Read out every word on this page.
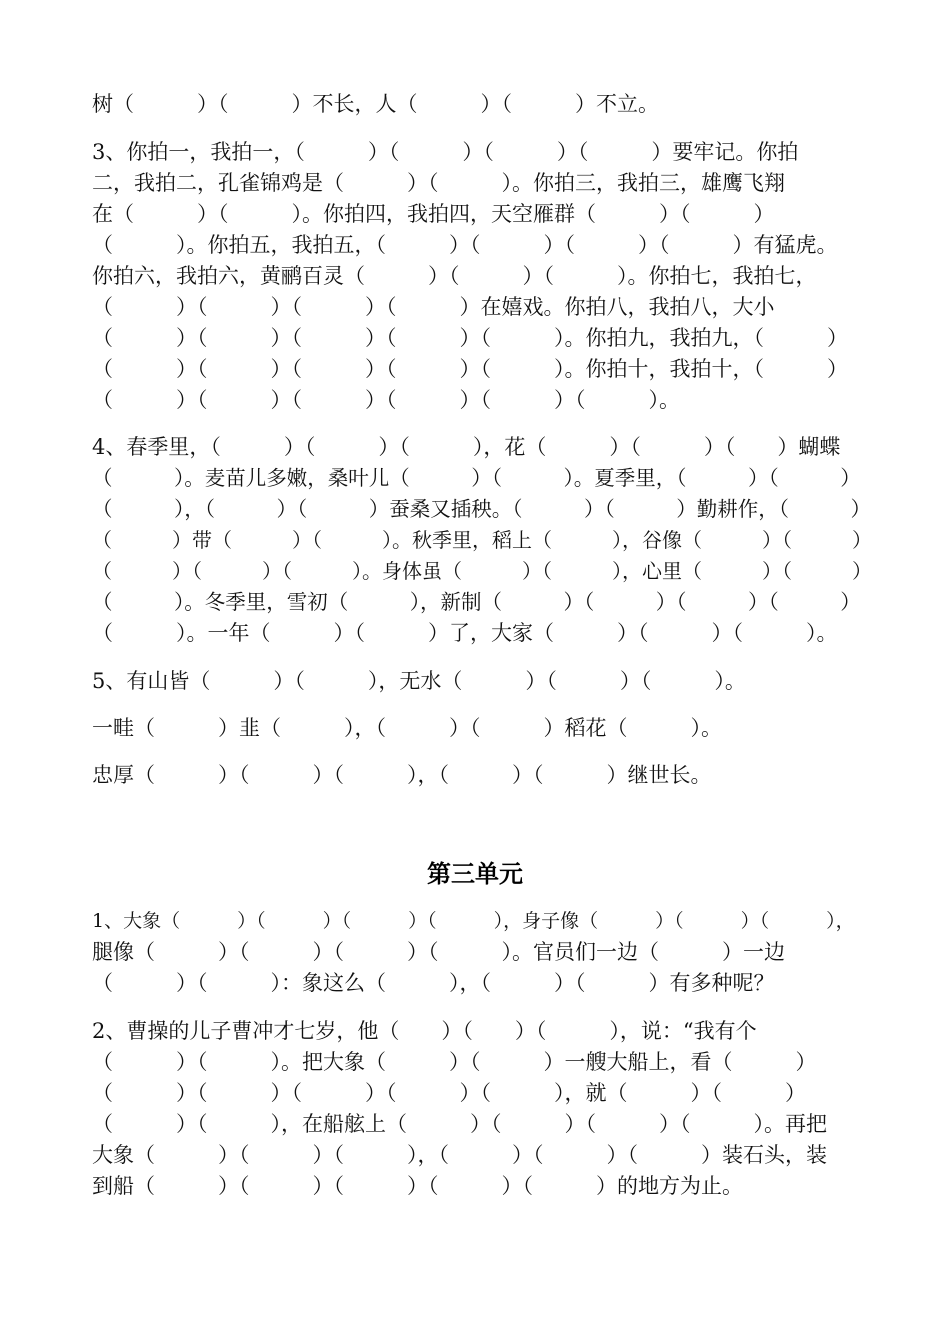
树（　　　）（　　　）不长，人（　　　）（　　　）不立。
3、你拍一，我拍一，（　　　）（　　　）（　　　）（　　　）要牢记。你拍
二，我拍二，孔雀锦鸡是（　　　）（　　　）。你拍三，我拍三，雄鹰飞翔
在（　　　）（　　　）。你拍四，我拍四，天空雁群（　　　）（　　　）
（　　　）。你拍五，我拍五，（　　　）（　　　）（　　　）（　　　）有猛虎。
你拍六，我拍六，黄鹂百灵（　　　）（　　　）（　　　）。你拍七，我拍七，
（　　　）（　　　）（　　　）（　　　）在嬉戏。你拍八，我拍八，大小
（　　　）（　　　）（　　　）（　　　）（　　　）。你拍九，我拍九，（　　　）
（　　　）（　　　）（　　　）（　　　）（　　　）。你拍十，我拍十，（　　　）
（　　　）（　　　）（　　　）（　　　）（　　　）（　　　）。
4、春季里，（　　　）（　　　）（　　　），花（　　　）（　　　）（　　）蝴蝶
（　　　）。麦苗儿多嫩，桑叶儿（　　　）（　　　）。夏季里，（　　　）（　　　）
（　　　），（　　　）（　　　）蚕桑又插秧。（　　　）（　　　）勤耕作，（　　　）
（　　　）带（　　　）（　　　）。秋季里，稻上（　　　），谷像（　　　）（　　　）
（　　　）（　　　）（　　　）。身体虽（　　　）（　　　），心里（　　　）（　　　）
（　　　）。冬季里，雪初（　　　），新制（　　　）（　　　）（　　　）（　　　）
（　　　）。一年（　　　）（　　　）了，大家（　　　）（　　　）（　　　）。
5、有山皆（　　　）（　　　），无水（　　　）（　　　）（　　　）。
一畦（　　　）韭（　　　），（　　　）（　　　）稻花（　　　）。
忠厚（　　　）（　　　）（　　　），（　　　）（　　　）继世长。
第三单元
1、大象（　　　）（　　　）（　　　）（　　　），身子像（　　　）（　　　）（　　　），
腿像（　　　）（　　　）（　　　）（　　　）。官员们一边（　　　）一边
（　　　）（　　　）：象这么（　　　），（　　　）（　　　）有多种呢？
2、曹操的儿子曹冲才七岁，他（　　）（　　）（　　　），说：“我有个
（　　　）（　　　）。把大象（　　　）（　　　）一艘大船上，看（　　　）
（　　　）（　　　）（　　　）（　　　）（　　　），就（　　　）（　　　）
（　　　）（　　　），在船舷上（　　　）（　　　）（　　　）（　　　）。再把
大象（　　　）（　　　）（　　　），（　　　）（　　　）（　　　）装石头，装
到船（　　　）（　　　）（　　　）（　　　）（　　　）的地方为止。
